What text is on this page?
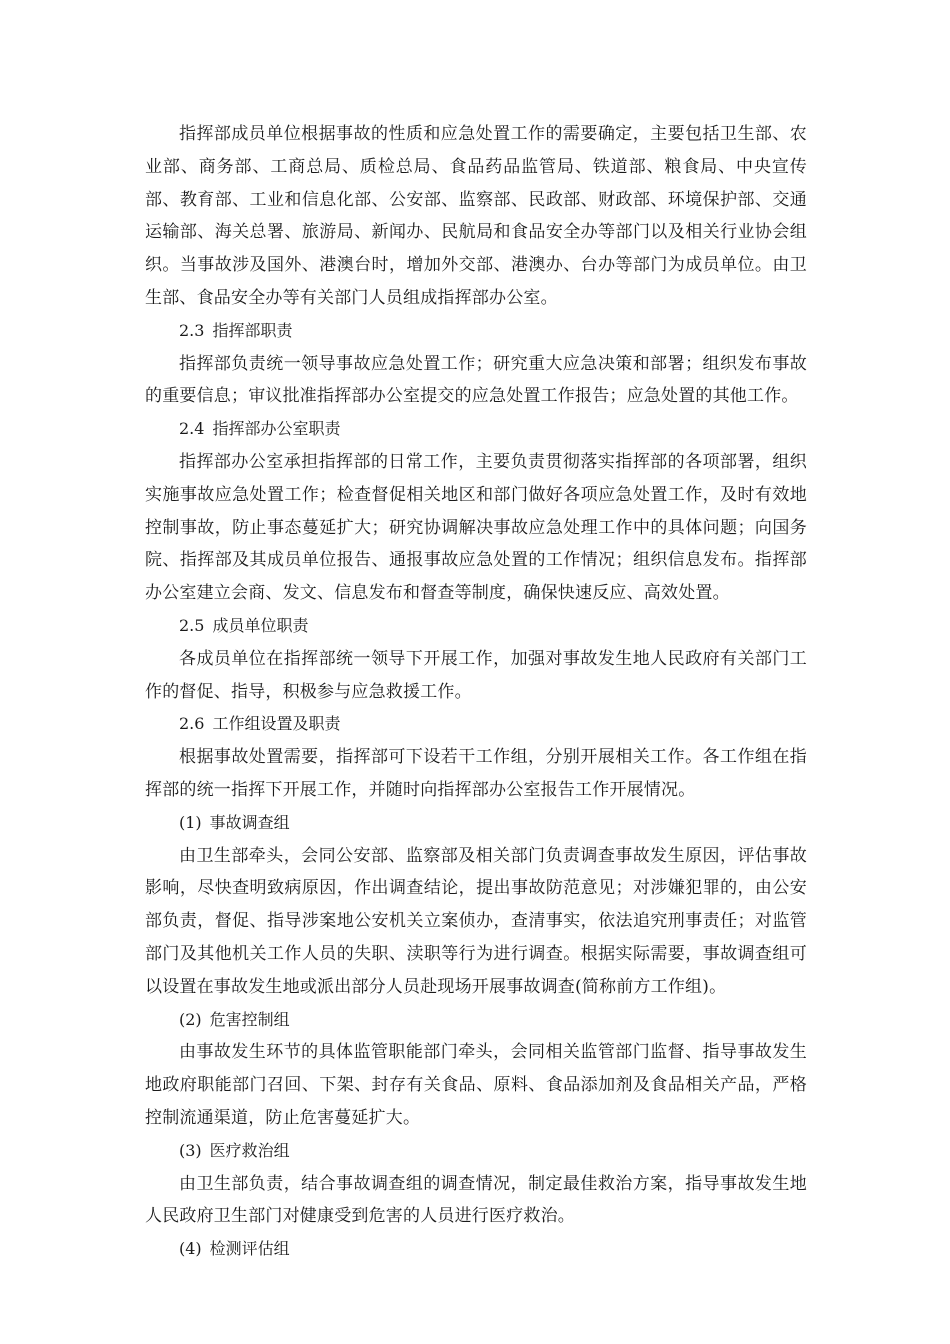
指挥部成员单位根据事故的性质和应急处置工作的需要确定，主要包括卫生部、农业部、商务部、工商总局、质检总局、食品药品监管局、铁道部、粮食局、中央宣传部、教育部、工业和信息化部、公安部、监察部、民政部、财政部、环境保护部、交通运输部、海关总署、旅游局、新闻办、民航局和食品安全办等部门以及相关行业协会组织。当事故涉及国外、港澳台时，增加外交部、港澳办、台办等部门为成员单位。由卫生部、食品安全办等有关部门人员组成指挥部办公室。

2.3 指挥部职责

指挥部负责统一领导事故应急处置工作；研究重大应急决策和部署；组织发布事故的重要信息；审议批准指挥部办公室提交的应急处置工作报告；应急处置的其他工作。

2.4 指挥部办公室职责

指挥部办公室承担指挥部的日常工作，主要负责贯彻落实指挥部的各项部署，组织实施事故应急处置工作；检查督促相关地区和部门做好各项应急处置工作，及时有效地控制事故，防止事态蔓延扩大；研究协调解决事故应急处理工作中的具体问题；向国务院、指挥部及其成员单位报告、通报事故应急处置的工作情况；组织信息发布。指挥部办公室建立会商、发文、信息发布和督查等制度，确保快速反应、高效处置。

2.5 成员单位职责

各成员单位在指挥部统一领导下开展工作，加强对事故发生地人民政府有关部门工作的督促、指导，积极参与应急救援工作。

2.6 工作组设置及职责

根据事故处置需要，指挥部可下设若干工作组，分别开展相关工作。各工作组在指挥部的统一指挥下开展工作，并随时向指挥部办公室报告工作开展情况。

(1) 事故调查组

由卫生部牵头，会同公安部、监察部及相关部门负责调查事故发生原因，评估事故影响，尽快查明致病原因，作出调查结论，提出事故防范意见；对涉嫌犯罪的，由公安部负责，督促、指导涉案地公安机关立案侦办，查清事实，依法追究刑事责任；对监管部门及其他机关工作人员的失职、渎职等行为进行调查。根据实际需要，事故调查组可以设置在事故发生地或派出部分人员赴现场开展事故调查(简称前方工作组)。

(2) 危害控制组

由事故发生环节的具体监管职能部门牵头，会同相关监管部门监督、指导事故发生地政府职能部门召回、下架、封存有关食品、原料、食品添加剂及食品相关产品，严格控制流通渠道，防止危害蔓延扩大。

(3) 医疗救治组

由卫生部负责，结合事故调查组的调查情况，制定最佳救治方案，指导事故发生地人民政府卫生部门对健康受到危害的人员进行医疗救治。

(4) 检测评估组
